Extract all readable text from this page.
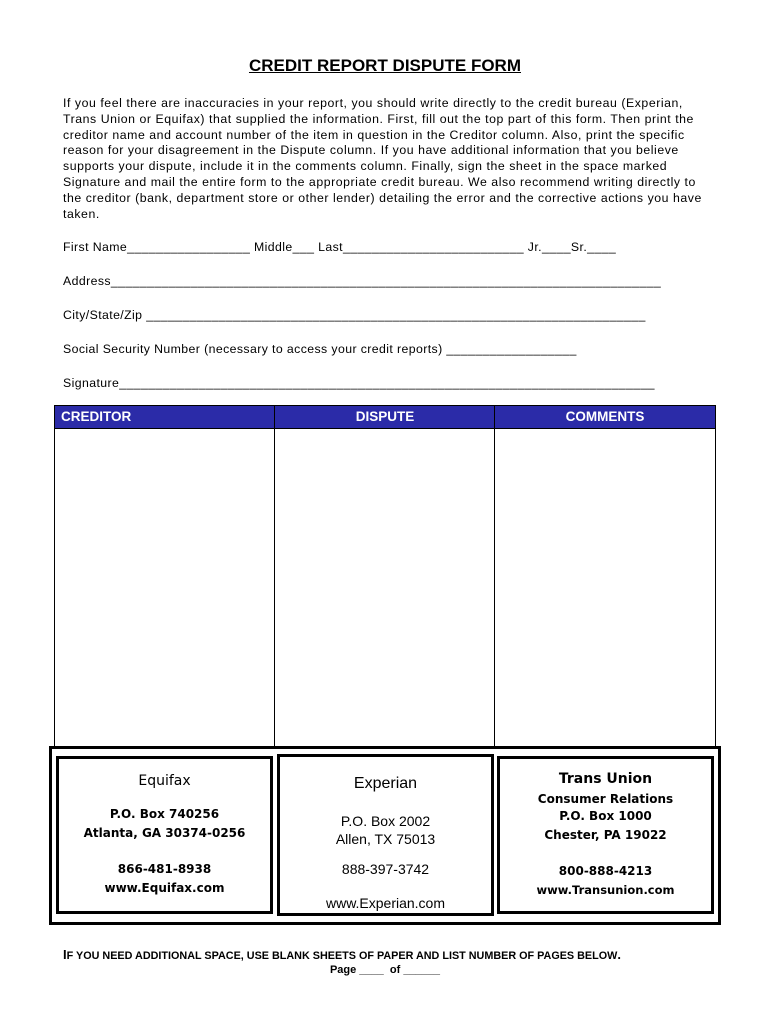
CREDIT REPORT DISPUTE FORM
If you feel there are inaccuracies in your report, you should write directly to the credit bureau (Experian, Trans Union or Equifax) that supplied the information. First, fill out the top part of this form. Then print the creditor name and account number of the item in question in the Creditor column. Also, print the specific reason for your disagreement in the Dispute column. If you have additional information that you believe supports your dispute, include it in the comments column. Finally, sign the sheet in the space marked Signature and mail the entire form to the appropriate credit bureau. We also recommend writing directly to the creditor (bank, department store or other lender) detailing the error and the corrective actions you have taken.
First Name_________________ Middle___ Last_________________________ Jr.____Sr.____
Address____________________________________________________________________________
City/State/Zip _____________________________________________________________________
Social Security Number (necessary to access your credit reports) __________________
Signature__________________________________________________________________________
CREDITOR	DISPUTE	COMMENTS
Equifax
P.O. Box 740256
Atlanta, GA 30374-0256
866-481-8938
www.Equifax.com
Experian
P.O. Box 2002
Allen, TX 75013
888-397-3742
www.Experian.com
Trans Union
Consumer Relations
P.O. Box 1000
Chester, PA 19022
800-888-4213
www.Transunion.com
IF YOU NEED ADDITIONAL SPACE, USE BLANK SHEETS OF PAPER AND LIST NUMBER OF PAGES BELOW.
Page ____  of ______
